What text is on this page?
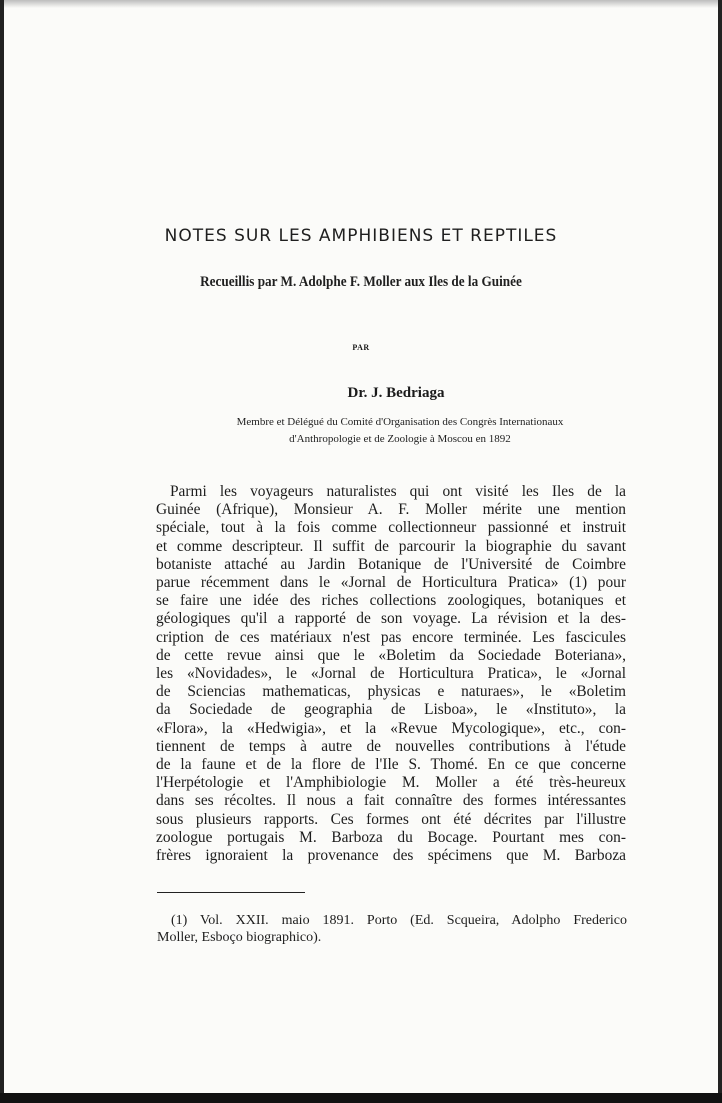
NOTES SUR LES AMPHIBIENS ET REPTILES
Recueillis par M. Adolphe F. Moller aux Iles de la Guinée
PAR
Dr. J. Bedriaga
Membre et Délégué du Comité d'Organisation des Congrès Internationaux
d'Anthropologie et de Zoologie à Moscou en 1892
Parmi les voyageurs naturalistes qui ont visité les Iles de la
Guinée (Afrique), Monsieur A. F. Moller mérite une mention
spéciale, tout à la fois comme collectionneur passionné et instruit
et comme descripteur. Il suffit de parcourir la biographie du savant
botaniste attaché au Jardin Botanique de l'Université de Coimbre
parue récemment dans le «Jornal de Horticultura Pratica» (1) pour
se faire une idée des riches collections zoologiques, botaniques et
géologiques qu'il a rapporté de son voyage. La révision et la des-
cription de ces matériaux n'est pas encore terminée. Les fascicules
de cette revue ainsi que le «Boletim da Sociedade Boteriana»,
les «Novidades», le «Jornal de Horticultura Pratica», le «Jornal
de Sciencias mathematicas, physicas e naturaes», le «Boletim
da Sociedade de geographia de Lisboa», le «Instituto», la
«Flora», la «Hedwigia», et la «Revue Mycologique», etc., con-
tiennent de temps à autre de nouvelles contributions à l'étude
de la faune et de la flore de l'Ile S. Thomé. En ce que concerne
l'Herpétologie et l'Amphibiologie M. Moller a été très-heureux
dans ses récoltes. Il nous a fait connaître des formes intéressantes
sous plusieurs rapports. Ces formes ont été décrites par l'illustre
zoologue portugais M. Barboza du Bocage. Pourtant mes con-
frères ignoraient la provenance des spécimens que M. Barboza
(1) Vol. XXII. maio 1891. Porto (Ed. Scqueira, Adolpho Frederico
Moller, Esboço biographico).
